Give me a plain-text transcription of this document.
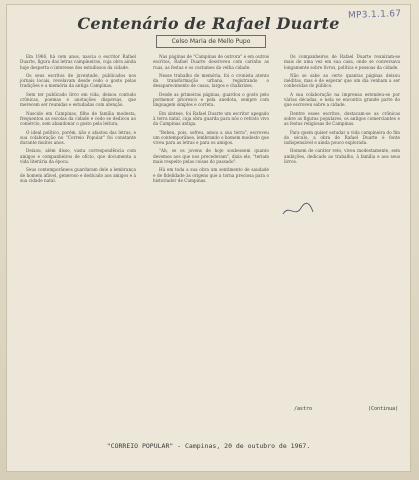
MP3.1.1.67
Centenário de Rafael Duarte
Celso Maria de Mello Pupo

Em 1966, há cem anos, nascia o escritor Rafael Duarte, figura das letras campineiras, cuja obra ainda hoje desperta o interesse dos estudiosos da cidade.

Os seus escritos de juventude, publicados nos jornais locais, revelavam desde cedo o gosto pelas tradições e a memória da antiga Campinas.

Sem ter publicado livro em vida, deixou contudo crônicas, poemas e anotações dispersas, que merecem ser reunidas e estudadas com atenção.

Nascido em Campinas, filho de família modesta, frequentou as escolas da cidade e cedo se dedicou ao comércio, sem abandonar o gosto pela leitura.

O ideal político, porém, não o afastou das letras, e sua colaboração no "Correio Popular" foi constante durante muitos anos.

Deixou, além disso, vasta correspondência com amigos e companheiros de ofício, que documenta a vida literária da época.

Seus contemporâneos guardaram dele a lembrança de homem afável, generoso e dedicado aos amigos e à sua cidade natal.

Nas páginas de "Campinas de outrora" e em outros escritos, Rafael Duarte descreveu com carinho as ruas, as festas e os costumes da velha cidade.

Nesse trabalho de memória, foi o cronista atento da transformação urbana, registrando o desaparecimento de casas, largos e chafarizes.

Desde as primeiras páginas, guardou o gosto pelo pormenor pitoresco e pela anedota, sempre com linguagem simples e correta.

Em síntese, foi Rafael Duarte um escritor apegado à terra natal, cuja obra guarda para nós o retrato vivo da Campinas antiga.

"Bebeu, pois, sofreu, amou a sua terra", escreveu um contemporâneo, lembrando o homem modesto que viveu para as letras e para os amigos.

"Ah, se os jovens de hoje soubessem quanto devemos aos que nos precederam", dizia ele, "teriam mais respeito pelas coisas do passado".

Há em toda a sua obra um sentimento de saudade e de fidelidade às origens que a torna preciosa para o historiador de Campinas.

Os companheiros de Rafael Duarte reuniram-se mais de uma vez em sua casa, onde se conversava longamente sobre livros, política e pessoas da cidade.

Não se sabe ao certo quantas páginas deixou inéditas, mas é de esperar que um dia venham a ser conhecidas do público.

A sua colaboração na imprensa estendeu-se por várias décadas, e nela se encontra grande parte do que escreveu sobre a cidade.

Dentre esses escritos, destacam-se as crônicas sobre as figuras populares, os antigos comerciantes e as festas religiosas de Campinas.

Para quem quiser estudar a vida campineira do fim do século, a obra de Rafael Duarte é fonte indispensável e ainda pouco explorada.

Homem de caráter reto, viveu modestamente, sem ambições, dedicado ao trabalho, à família e aos seus livros.

/astro	(Continua)
"CORREIO POPULAR" - Campinas, 20 de outubro de 1967.
